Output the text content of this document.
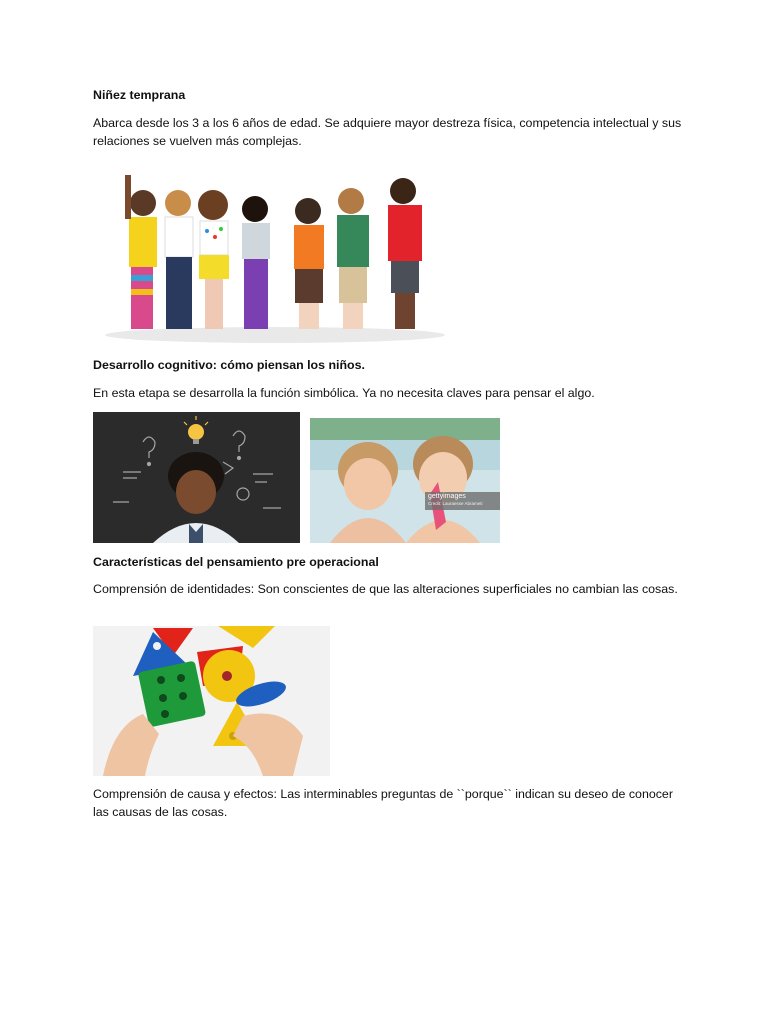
Niñez temprana
Abarca desde los 3 a los 6 años de edad. Se adquiere mayor destreza física, competencia intelectual y sus relaciones se vuelven más complejas.
Desarrollo cognitivo: cómo piensan los niños.
En esta etapa se desarrolla la función simbólica. Ya no necesita claves para pensar el algo.
gettyimages
Credit: Lauraesse Abrameti
Características del pensamiento pre operacional
Comprensión de identidades: Son conscientes de que las alteraciones superficiales no cambian las cosas.
Comprensión de causa y efectos: Las interminables preguntas de ``porque`` indican su deseo de conocer las causas de las cosas.
